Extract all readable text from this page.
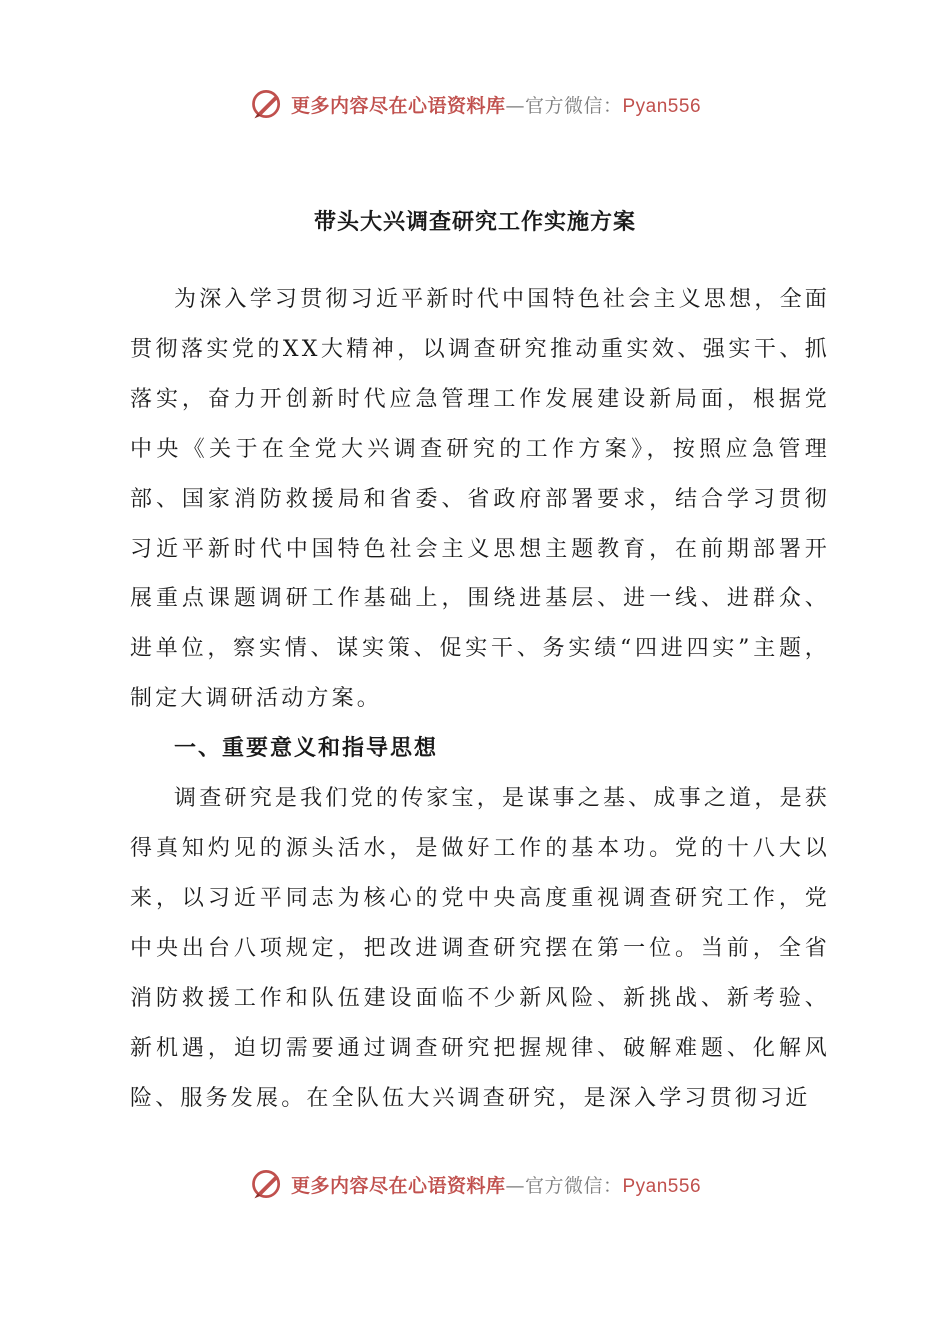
更多内容尽在心语资料库—官方微信：Pyan556
带头大兴调查研究工作实施方案

为深入学习贯彻习近平新时代中国特色社会主义思想，全面贯彻落实党的XX大精神，以调查研究推动重实效、强实干、抓落实，奋力开创新时代应急管理工作发展建设新局面，根据党中央《关于在全党大兴调查研究的工作方案》，按照应急管理部、国家消防救援局和省委、省政府部署要求，结合学习贯彻习近平新时代中国特色社会主义思想主题教育，在前期部署开展重点课题调研工作基础上，围绕进基层、进一线、进群众、进单位，察实情、谋实策、促实干、务实绩“四进四实”主题，制定大调研活动方案。

一、重要意义和指导思想

调查研究是我们党的传家宝，是谋事之基、成事之道，是获得真知灼见的源头活水，是做好工作的基本功。党的十八大以来，以习近平同志为核心的党中央高度重视调查研究工作，党中央出台八项规定，把改进调查研究摆在第一位。当前，全省消防救援工作和队伍建设面临不少新风险、新挑战、新考验、新机遇，迫切需要通过调查研究把握规律、破解难题、化解风险、服务发展。在全队伍大兴调查研究，是深入学习贯彻习近

更多内容尽在心语资料库—官方微信：Pyan556
